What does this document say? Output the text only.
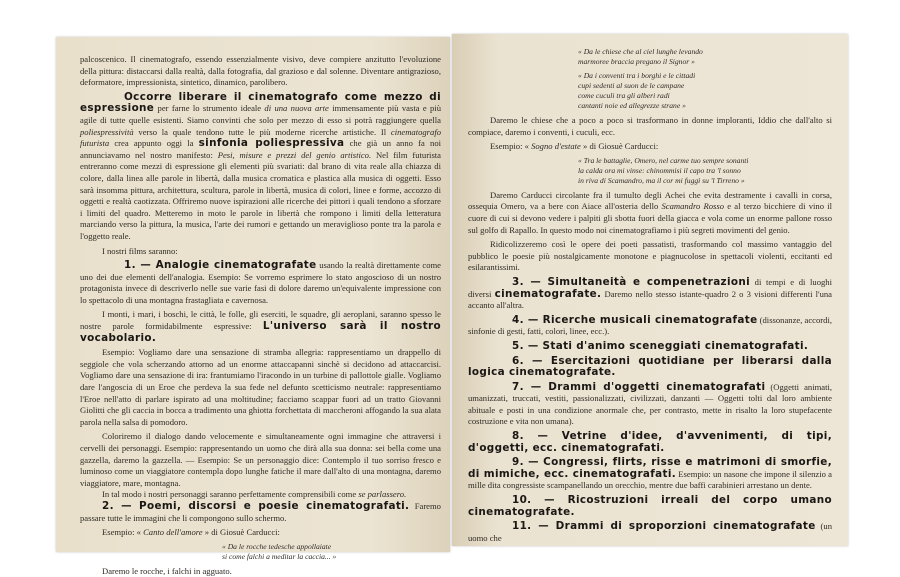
palcoscenico. Il cinematografo, essendo essenzialmente visivo, deve compiere anzitutto l'evoluzione della pittura: distaccarsi dalla realtà, dalla fotografia, dal grazioso e dal solenne. Diventare antigrazioso, deformatore, impressionista, sintetico, dinamico, parolibero.

Occorre liberare il cinematografo come mezzo di espressione per farne lo strumento ideale di una nuova arte immensamente più vasta e più agile di tutte quelle esistenti. Siamo convinti che solo per mezzo di esso si potrà raggiungere quella poliespressività verso la quale tendono tutte le più moderne ricerche artistiche. Il cinematografo futurista crea appunto oggi la sinfonia poliespressiva che già un anno fa noi annunciavamo nel nostro manifesto: Pesi, misure e prezzi del genio artistico. Nel film futurista entreranno come mezzi di espressione gli elementi più svariati: dal brano di vita reale alla chiazza di colore, dalla linea alle parole in libertà, dalla musica cromatica e plastica alla musica di oggetti. Esso sarà insomma pittura, architettura, scultura, parole in libertà, musica di colori, linee e forme, accozzo di oggetti e realtà caotizzata. Offriremo nuove ispirazioni alle ricerche dei pittori i quali tendono a sforzare i limiti del quadro. Metteremo in moto le parole in libertà che rompono i limiti della letteratura marciando verso la pittura, la musica, l'arte dei rumori e gettando un meraviglioso ponte tra la parola e l'oggetto reale.

I nostri films saranno:

1. — Analogie cinematografate usando la realtà direttamente come uno dei due elementi dell'analogia. Esempio: Se vorremo esprimere lo stato angoscioso di un nostro protagonista invece di descriverlo nelle sue varie fasi di dolore daremo un'equivalente impressione con lo spettacolo di una montagna frastagliata e cavernosa.

I monti, i mari, i boschi, le città, le folle, gli eserciti, le squadre, gli aeroplani, saranno spesso le nostre parole formidabilmente espressive: L'universo sarà il nostro vocabolario.

Esempio: Vogliamo dare una sensazione di stramba allegria: rappresentiamo un drappello di seggiole che vola scherzando attorno ad un enorme attaccapanni sinchè si decidono ad attaccarcisi. Vogliamo dare una sensazione di ira: frantumiamo l'iracondo in un turbine di pallottole gialle. Vogliamo dare l'angoscia di un Eroe che perdeva la sua fede nel defunto scetticismo neutrale: rappresentiamo l'Eroe nell'atto di parlare ispirato ad una moltitudine; facciamo scappar fuori ad un tratto Giovanni Giolitti che gli caccia in bocca a tradimento una ghiotta forchettata di maccheroni affogando la sua alata parola nella salsa di pomodoro.

Coloriremo il dialogo dando velocemente e simultaneamente ogni immagine che attraversi i cervelli dei personaggi. Esempio: rappresentando un uomo che dirà alla sua donna: sei bella come una gazzella, daremo la gazzella. — Esempio: Se un personaggio dice: Contemplo il tuo sorriso fresco e luminoso come un viaggiatore contempla dopo lunghe fatiche il mare dall'alto di una montagna, daremo viaggiatore, mare, montagna.

In tal modo i nostri personaggi saranno perfettamente comprensibili come se parlassero.

2. — Poemi, discorsi e poesie cinematografati. Faremo passare tutte le immagini che li compongono sullo schermo.

Esempio: « Canto dell'amore » di Giosuè Carducci:

« Da le rocche tedesche appollaiate
si come falchi a meditar la caccia... »

Daremo le rocche, i falchi in agguato.

« Da le chiese che al ciel lunghe levando
marmoree braccia pregano il Signor »
« Da i conventi tra i borghi e le cittadi
cupi sedenti al suon de le campane
come cuculi tra gli alberi radi
cantanti noie ed allegrezze strane »

Daremo le chiese che a poco a poco si trasformano in donne imploranti, Iddio che dall'alto si compiace, daremo i conventi, i cuculi, ecc.

Esempio: « Sogno d'estate » di Giosuè Carducci:

« Tra le battaglie, Omero, nel carme tuo sempre sonanti
la calda ora mi vinse: chinommisi il capo tra 'l sonno
in riva di Scamandro, ma il cor mi fuggì su 'l Tirreno »

Daremo Carducci circolante fra il tumulto degli Achei che evita destramente i cavalli in corsa, ossequia Omero, va a bere con Aiace all'osteria dello Scamandro Rosso e al terzo bicchiere di vino il cuore di cui si devono vedere i palpiti gli sbotta fuori della giacca e vola come un enorme pallone rosso sul golfo di Rapallo. In questo modo noi cinematografiamo i più segreti movimenti del genio.

Ridicolizzeremo così le opere dei poeti passatisti, trasformando col massimo vantaggio del pubblico le poesie più nostalgicamente monotone e piagnucolose in spettacoli violenti, eccitanti ed esilarantissimi.

3. — Simultaneità e compenetrazioni di tempi e di luoghi diversi cinematografate. Daremo nello stesso istante-quadro 2 o 3 visioni differenti l'una accanto all'altra.

4. — Ricerche musicali cinematografate (dissonanze, accordi, sinfonie di gesti, fatti, colori, linee, ecc.).

5. — Stati d'animo sceneggiati cinematografati.

6. — Esercitazioni quotidiane per liberarsi dalla logica cinematografate.

7. — Drammi d'oggetti cinematografati (Oggetti animati, umanizzati, truccati, vestiti, passionalizzati, civilizzati, danzanti — Oggetti tolti dal loro ambiente abituale e posti in una condizione anormale che, per contrasto, mette in risalto la loro stupefacente costruzione e vita non umana).

8. — Vetrine d'idee, d'avvenimenti, di tipi, d'oggetti, ecc. cinematografati.

9. — Congressi, flirts, risse e matrimoni di smorfie, di mimiche, ecc. cinematografati. Esempio: un nasone che impone il silenzio a mille dita congressiste scampanellando un orecchio, mentre due baffi carabinieri arrestano un dente.

10. — Ricostruzioni irreali del corpo umano cinematografate.

11. — Drammi di sproporzioni cinematografate (un uomo che
